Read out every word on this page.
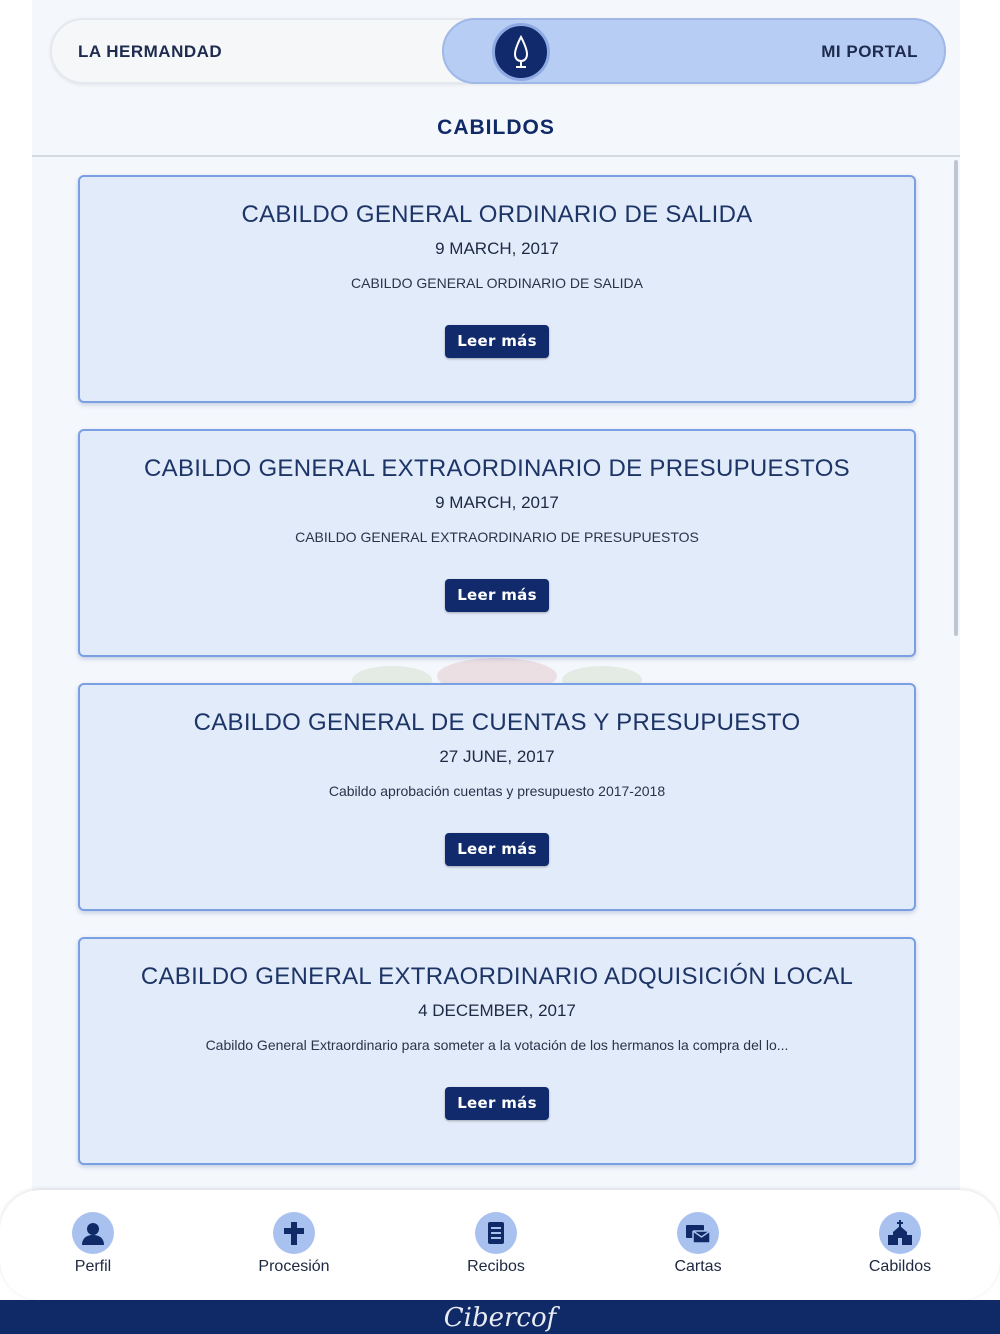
LA HERMANDAD	MI PORTAL
CABILDOS
CABILDO GENERAL ORDINARIO DE SALIDA
9 MARCH, 2017
CABILDO GENERAL ORDINARIO DE SALIDA
Leer más
CABILDO GENERAL EXTRAORDINARIO DE PRESUPUESTOS
9 MARCH, 2017
CABILDO GENERAL EXTRAORDINARIO DE PRESUPUESTOS
Leer más
CABILDO GENERAL DE CUENTAS Y PRESUPUESTO
27 JUNE, 2017
Cabildo aprobación cuentas y presupuesto 2017-2018
Leer más
CABILDO GENERAL EXTRAORDINARIO ADQUISICIÓN LOCAL
4 DECEMBER, 2017
Cabildo General Extraordinario para someter a la votación de los hermanos la compra del lo...
Leer más
Cibercof
Perfil	Procesión	Recibos	Cartas	Cabildos
